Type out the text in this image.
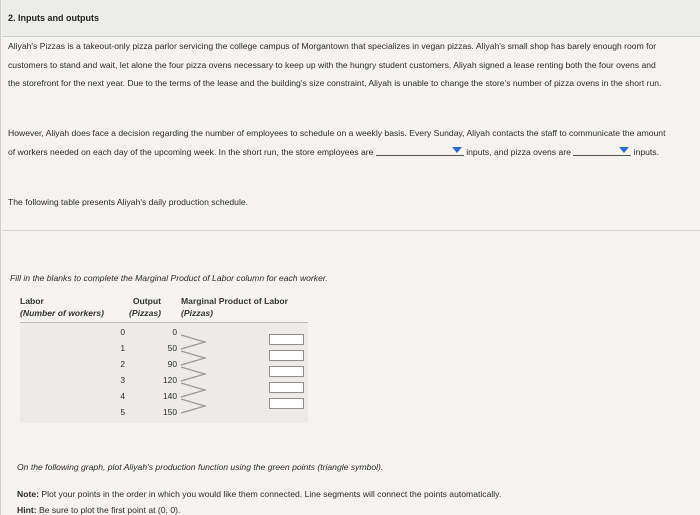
2. Inputs and outputs

Aliyah's Pizzas is a takeout-only pizza parlor servicing the college campus of Morgantown that specializes in vegan pizzas. Aliyah's small shop has barely enough room for customers to stand and wait, let alone the four pizza ovens necessary to keep up with the hungry student customers. Aliyah signed a lease renting both the four ovens and the storefront for the next year. Due to the terms of the lease and the building's size constraint, Aliyah is unable to change the store's number of pizza ovens in the short run.

However, Aliyah does face a decision regarding the number of employees to schedule on a weekly basis. Every Sunday, Aliyah contacts the staff to communicate the amount of workers needed on each day of the upcoming week. In the short run, the store employees are	inputs, and pizza ovens are	inputs.

The following table presents Aliyah's daily production schedule.

Fill in the blanks to complete the Marginal Product of Labor column for each worker.

Labor
(Number of workers)
Output
(Pizzas)
Marginal Product of Labor
(Pizzas)
0	0
1	50
2	90
3	120
4	140
5	150

On the following graph, plot Aliyah's production function using the green points (triangle symbol).

Note: Plot your points in the order in which you would like them connected. Line segments will connect the points automatically.

Hint: Be sure to plot the first point at (0, 0).
